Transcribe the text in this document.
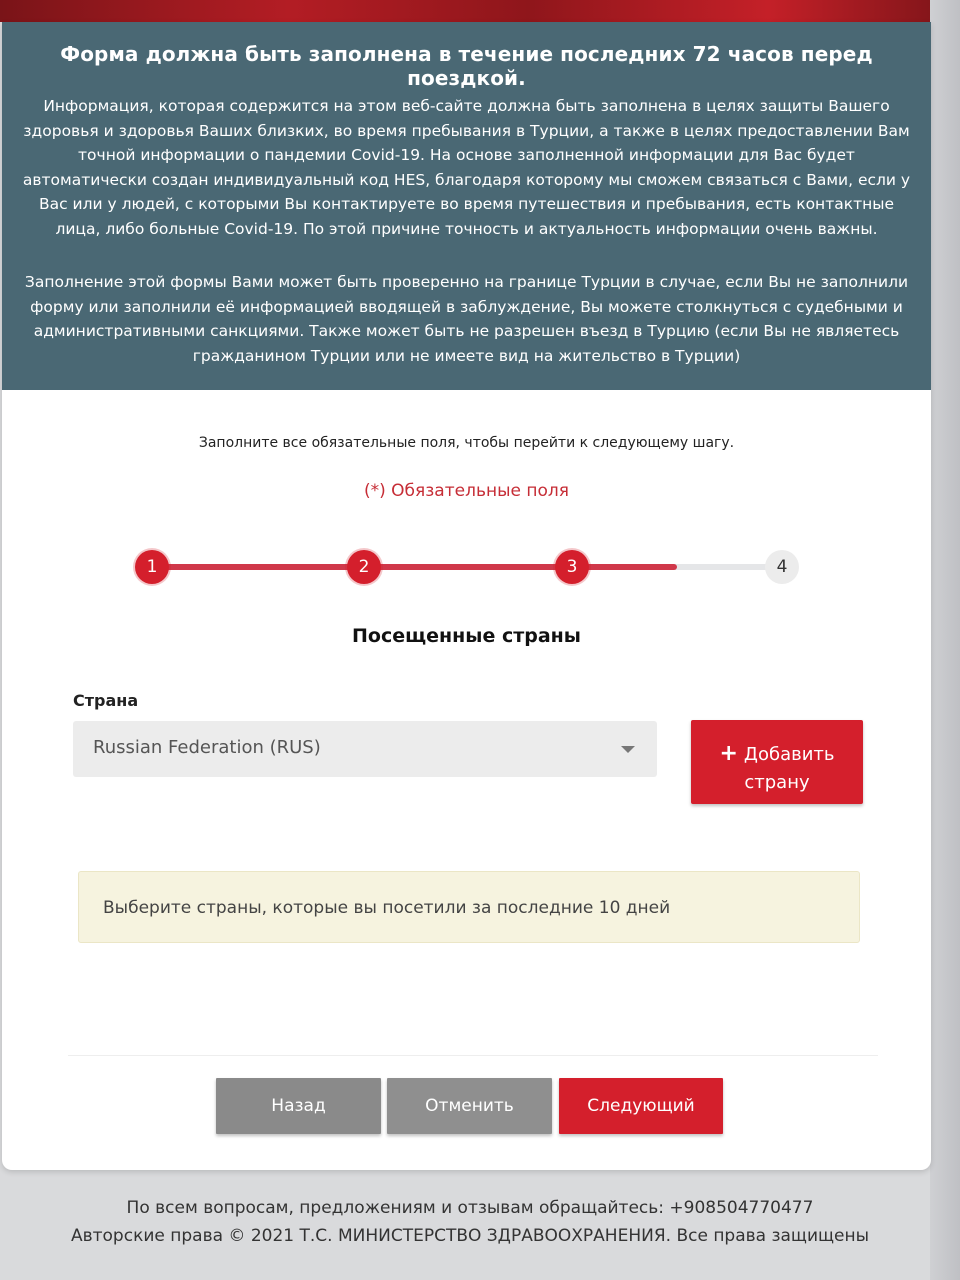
Форма должна быть заполнена в течение последних 72 часов перед поездкой.

Информация, которая содержится на этом веб-сайте должна быть заполнена в целях защиты Вашего здоровья и здоровья Ваших близких, во время пребывания в Турции, а также в целях предоставлении Вам точной информации о пандемии Covid-19. На основе заполненной информации для Вас будет автоматически создан индивидуальный код HES, благодаря которому мы сможем связаться с Вами, если у Вас или у людей, с которыми Вы контактируете во время путешествия и пребывания, есть контактные лица, либо больные Covid-19. По этой причине точность и актуальность информации очень важны.

Заполнение этой формы Вами может быть проверенно на границе Турции в случае, если Вы не заполнили форму или заполнили её информацией вводящей в заблуждение, Вы можете столкнуться с судебными и административными санкциями. Также может быть не разрешен въезд в Турцию (если Вы не являетесь гражданином Турции или не имеете вид на жительство в Турции)

Заполните все обязательные поля, чтобы перейти к следующему шагу.
(*) Обязательные поля
1	2	3	4
Посещенные страны
Страна
Russian Federation (RUS)	+ Добавить страну
Выберите страны, которые вы посетили за последние 10 дней
Назад	Отменить	Следующий
По всем вопросам, предложениям и отзывам обращайтесь: +908504770477
Авторские права © 2021 Т.С. МИНИСТЕРСТВО ЗДРАВООХРАНЕНИЯ. Все права защищены
